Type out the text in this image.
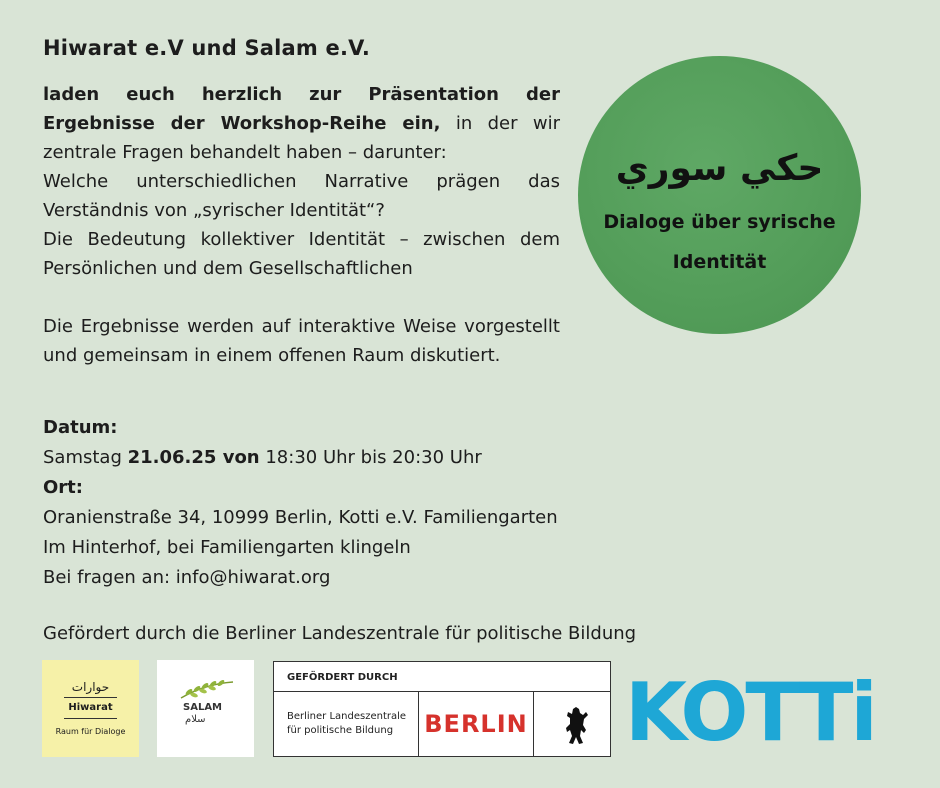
Hiwarat e.V und Salam e.V.

laden euch herzlich zur Präsentation der Ergebnisse der Workshop-Reihe ein, in der wir zentrale Fragen behandelt haben – darunter:

Welche unterschiedlichen Narrative prägen das Verständnis von „syrischer Identität“?

Die Bedeutung kollektiver Identität – zwischen dem Persönlichen und dem Gesellschaftlichen

Die Ergebnisse werden auf interaktive Weise vorgestellt und gemeinsam in einem offenen Raum diskutiert.

Datum:
Samstag 21.06.25 von 18:30 Uhr bis 20:30 Uhr
Ort:
Oranienstraße 34, 10999 Berlin, Kotti e.V. Familiengarten
Im Hinterhof, bei Familiengarten klingeln
Bei fragen an: info@hiwarat.org
حكي سوري
Dialoge über syrische
Identität
Gefördert durch die Berliner Landeszentrale für politische Bildung
حوارات
Hiwarat
Raum für Dialoge
SALAM
سلام
GEFÖRDERT DURCH
Berliner Landeszentrale
für politische Bildung	BERLIN KOTTi
